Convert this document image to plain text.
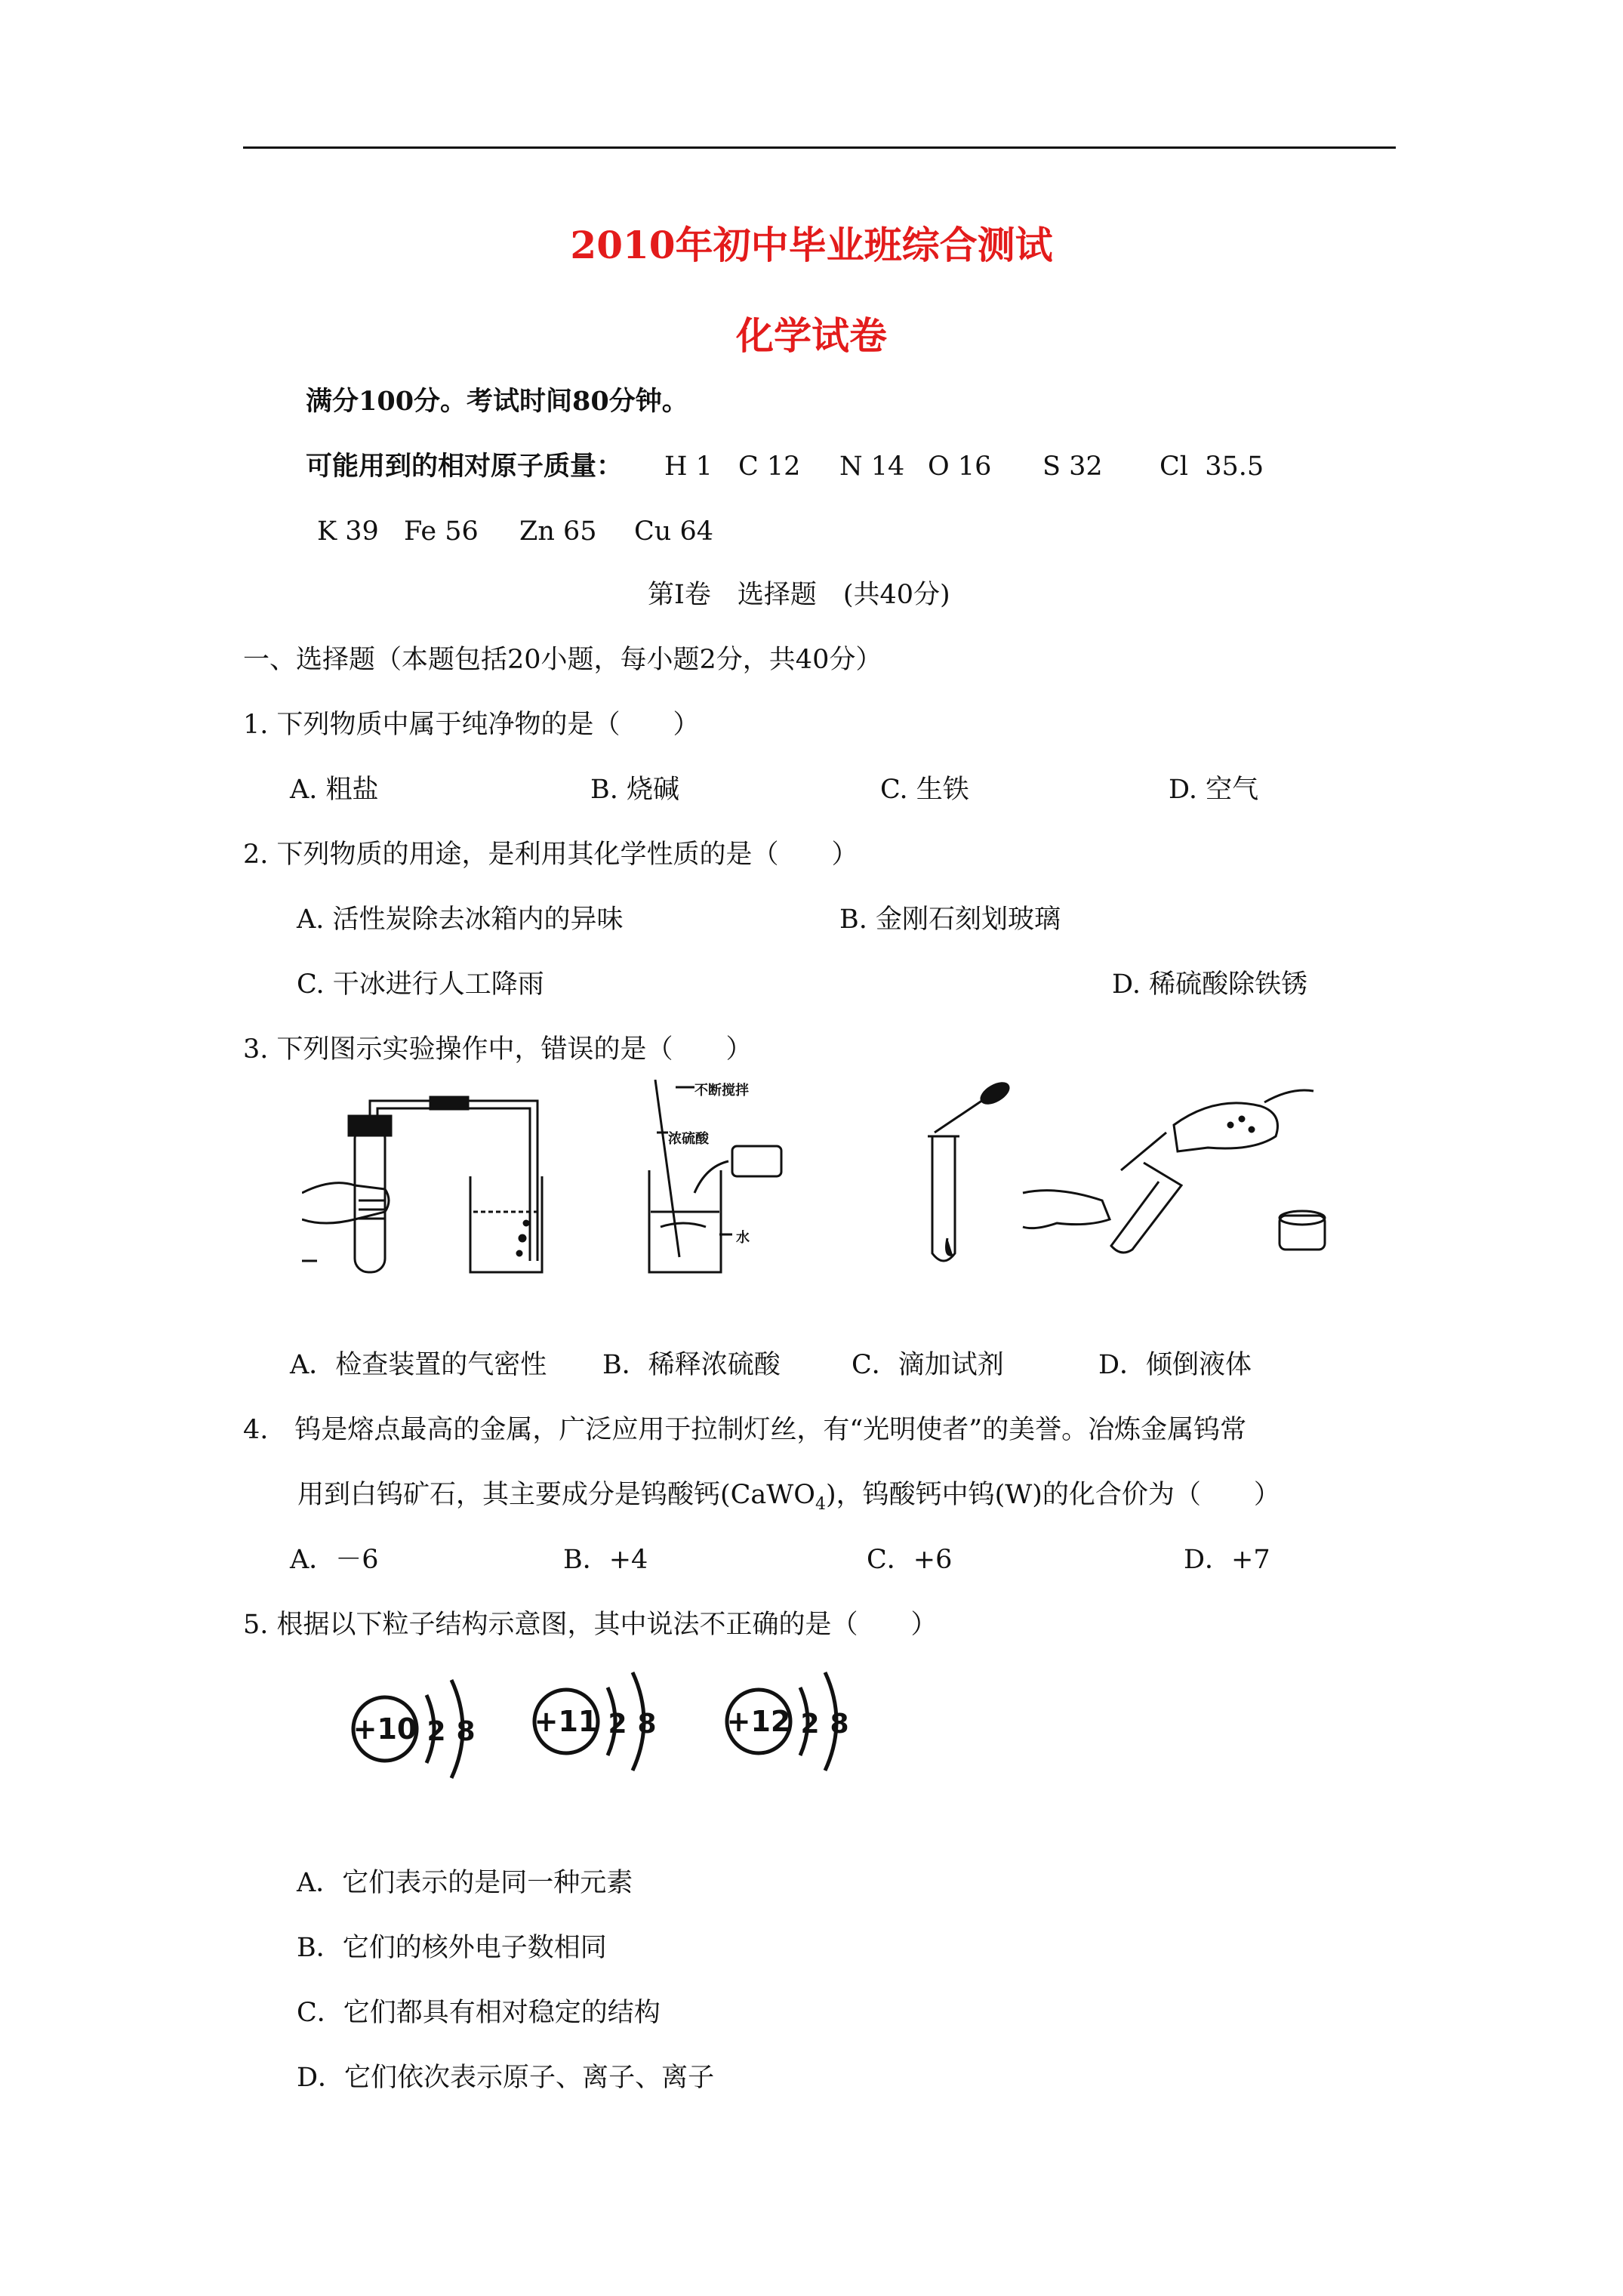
2010年初中毕业班综合测试
化学试卷
满分100分。考试时间80分钟。
可能用到的相对原子质量： H 1 C 12 N 14 O 16 S 32 Cl  35.5
K 39 Fe 56 Zn 65 Cu 64
第Ⅰ卷　选择题　(共40分)
一、选择题（本题包括20小题，每小题2分，共40分）
1. 下列物质中属于纯净物的是（　　）
A. 粗盐	B. 烧碱	C. 生铁	D. 空气
2. 下列物质的用途，是利用其化学性质的是（　　）
A. 活性炭除去冰箱内的异味	B. 金刚石刻划玻璃
C. 干冰进行人工降雨	D. 稀硫酸除铁锈
3. 下列图示实验操作中，错误的是（　　）
不断搅拌
浓硫酸
水
A．检查装置的气密性 B．稀释浓硫酸	C．滴加试剂	D．倾倒液体
4.　钨是熔点最高的金属，广泛应用于拉制灯丝，有“光明使者”的美誉。冶炼金属钨常
用到白钨矿石，其主要成分是钨酸钙(CaWO$_4$)，钨酸钙中钨(W)的化合价为（　　）
A．－6	B．+4	C．+6	D．+7
5. 根据以下粒子结构示意图，其中说法不正确的是（　　）
+10 2 8 +11 2 8 +12 2 8
A．它们表示的是同一种元素
B．它们的核外电子数相同
C．它们都具有相对稳定的结构
D．它们依次表示原子、离子、离子
